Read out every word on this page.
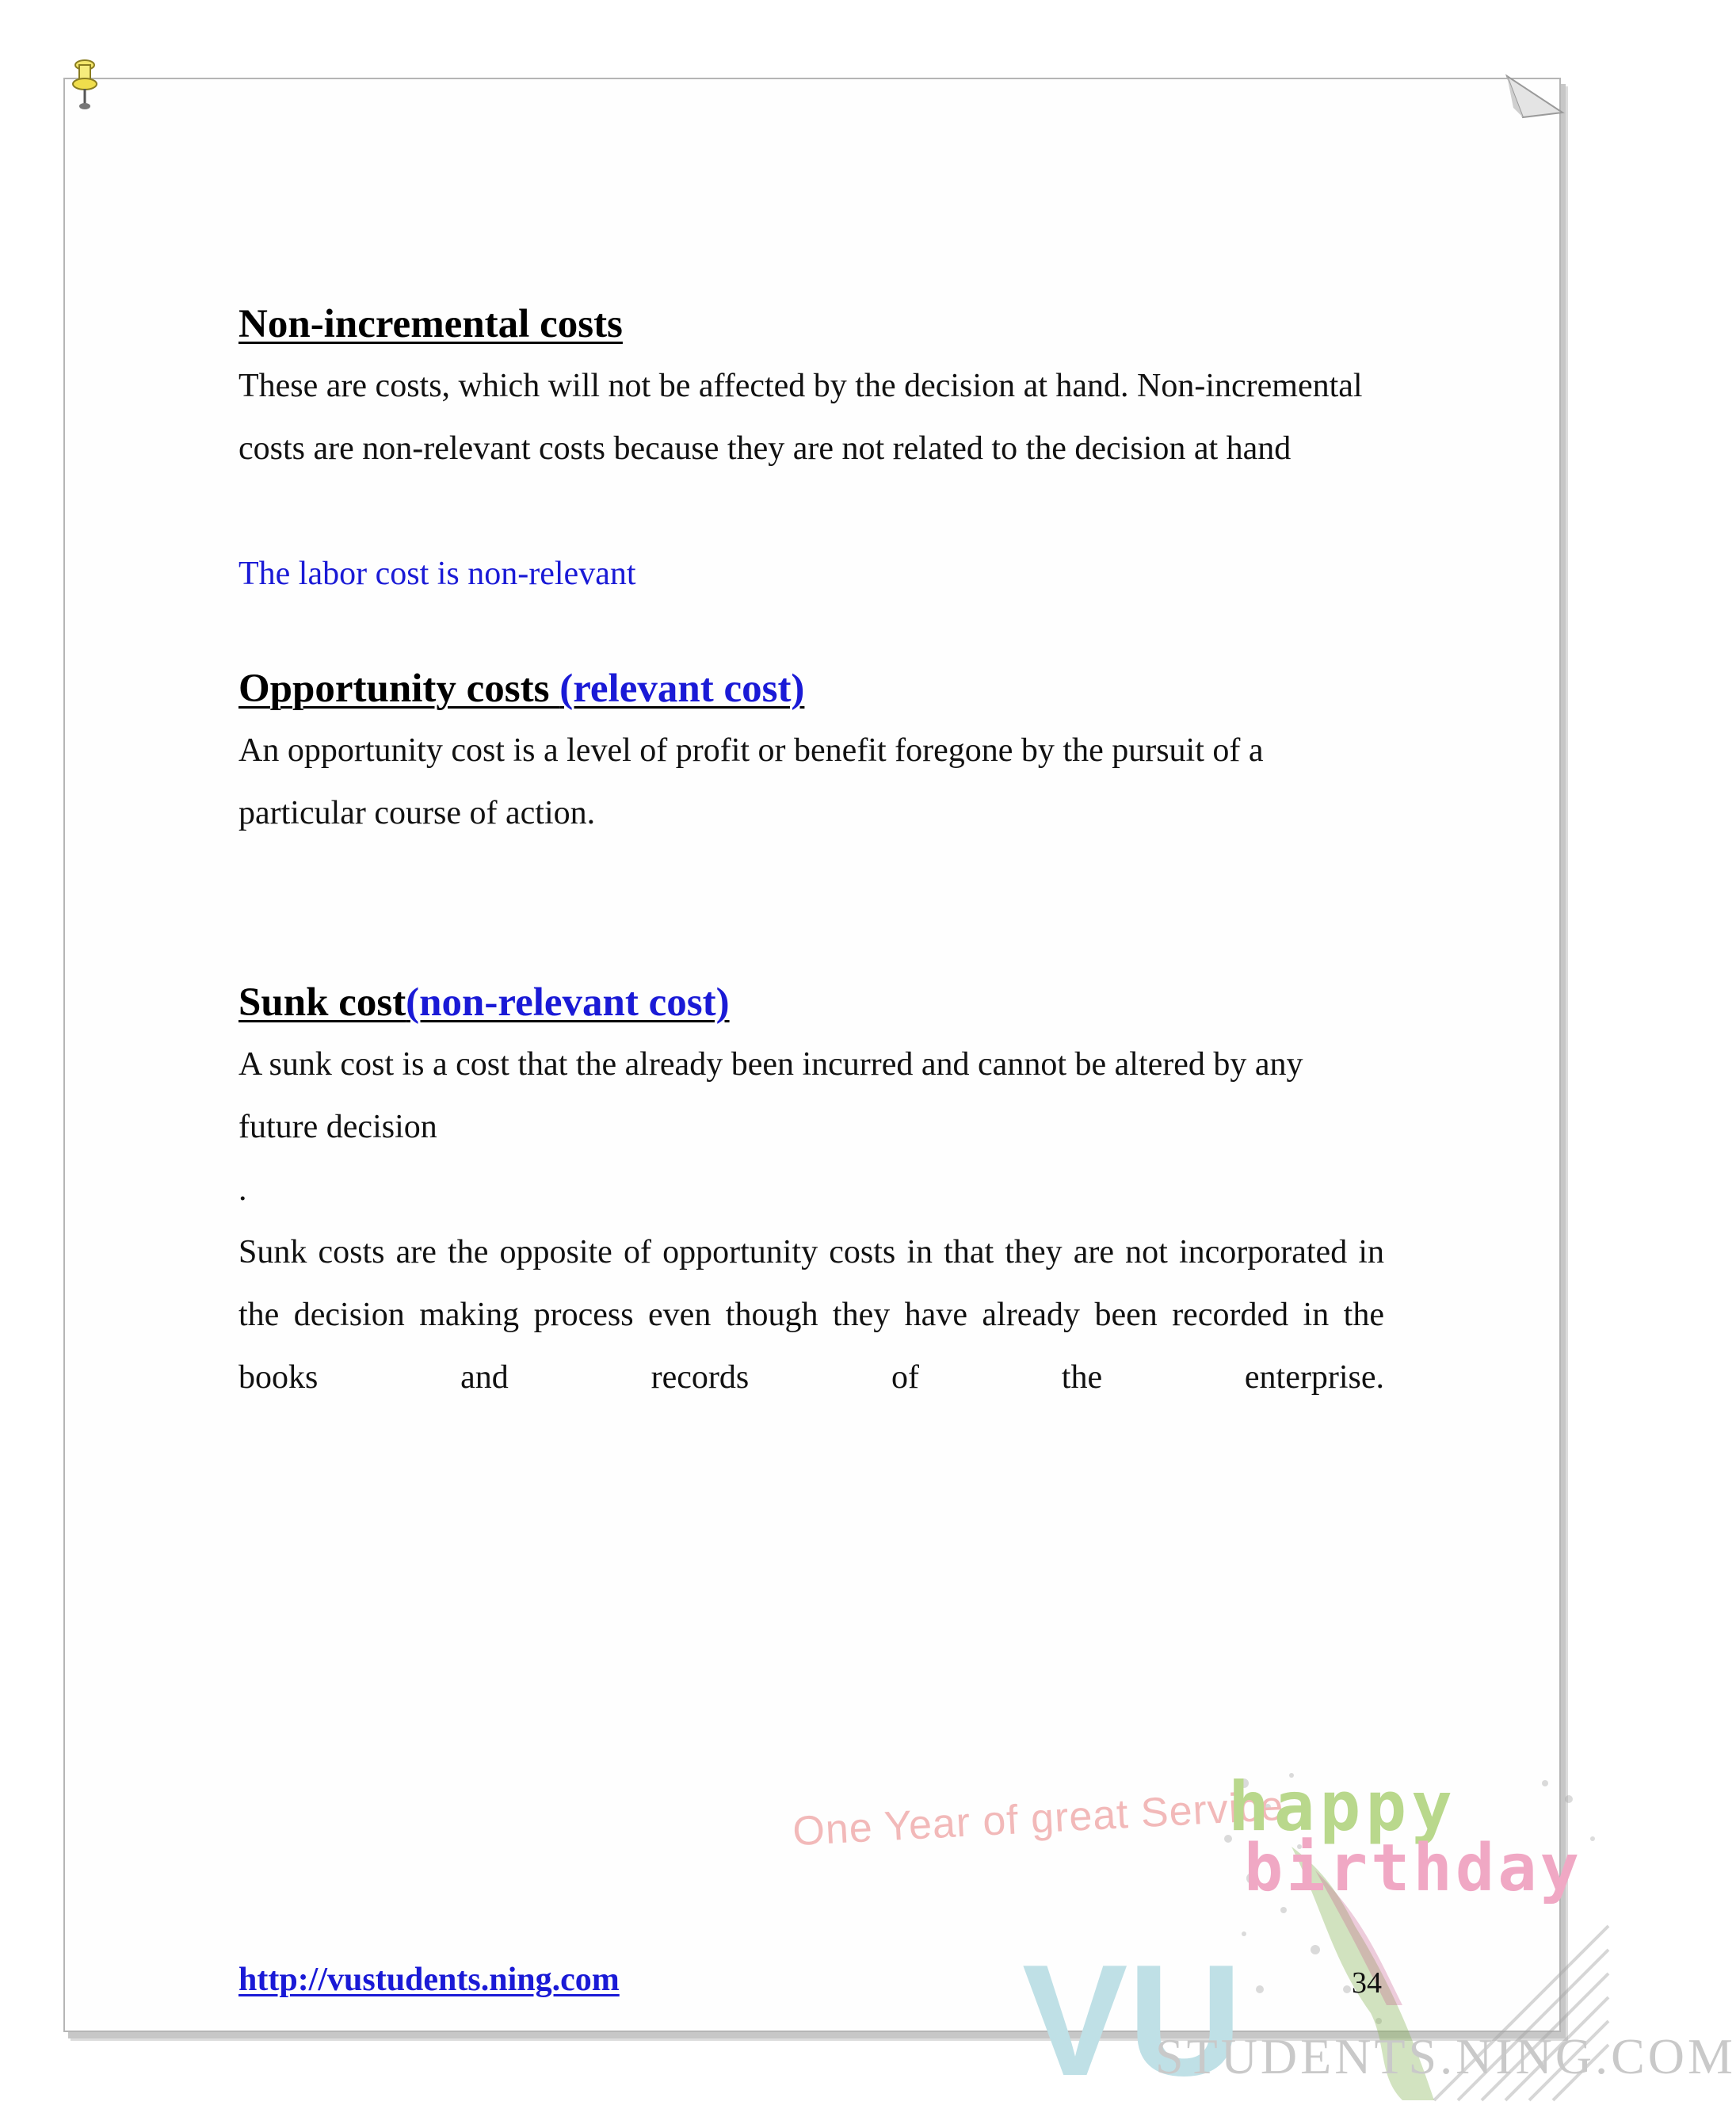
Non-incremental costs

These are costs, which will not be affected by the decision at hand. Non-incremental costs are non-relevant costs because they are not related to the decision at hand

The labor cost is non-relevant

Opportunity costs (relevant cost)

An opportunity cost is a level of profit or benefit foregone by the pursuit of a particular course of action.

Sunk cost(non-relevant cost)

A sunk cost is a cost that the already been incurred and cannot be altered by any future decision

.

Sunk costs are the opposite of opportunity costs in that they are not incorporated in the decision making process even though they have already been recorded in the books and records of the enterprise.

One Year of great Service
happy
birthday
VU
STUDENTS.NING.COM
http://vustudents.ning.com	34
